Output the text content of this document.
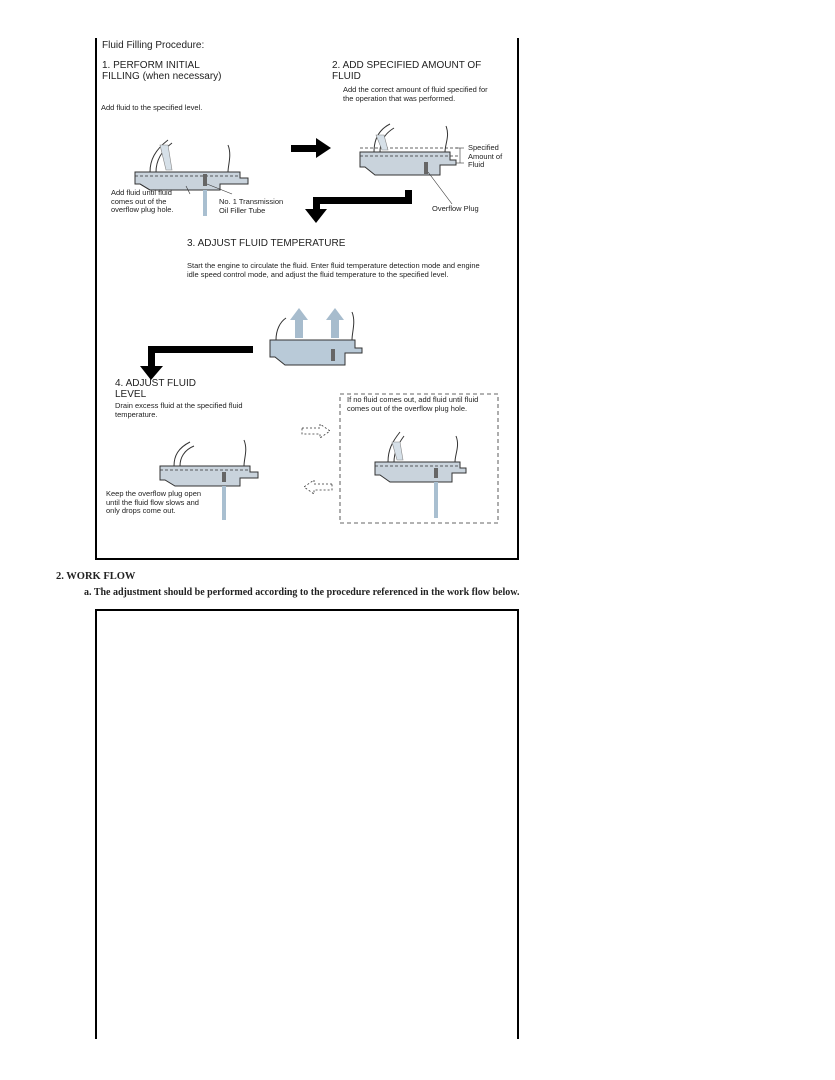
Fluid Filling Procedure:
1. PERFORM INITIAL
FILLING (when necessary)
Add fluid to the specified level.
Add fluid until fluid
comes out of the
overflow plug hole.
No. 1 Transmission
Oil Filler Tube
2. ADD SPECIFIED AMOUNT OF
FLUID
Add the correct amount of fluid specified for
the operation that was performed.
Specified
Amount of
Fluid
Overflow Plug
3. ADJUST FLUID TEMPERATURE
Start the engine to circulate the fluid. Enter fluid temperature detection mode and engine
idle speed control mode, and adjust the fluid temperature to the specified level.
4. ADJUST FLUID
LEVEL
Drain excess fluid at the specified fluid
temperature.
Keep the overflow plug open
until the fluid flow slows and
only drops come out.
If no fluid comes out, add fluid until fluid
comes out of the overflow plug hole.
2. WORK FLOW
a. The adjustment should be performed according to the procedure referenced in the work flow below.
